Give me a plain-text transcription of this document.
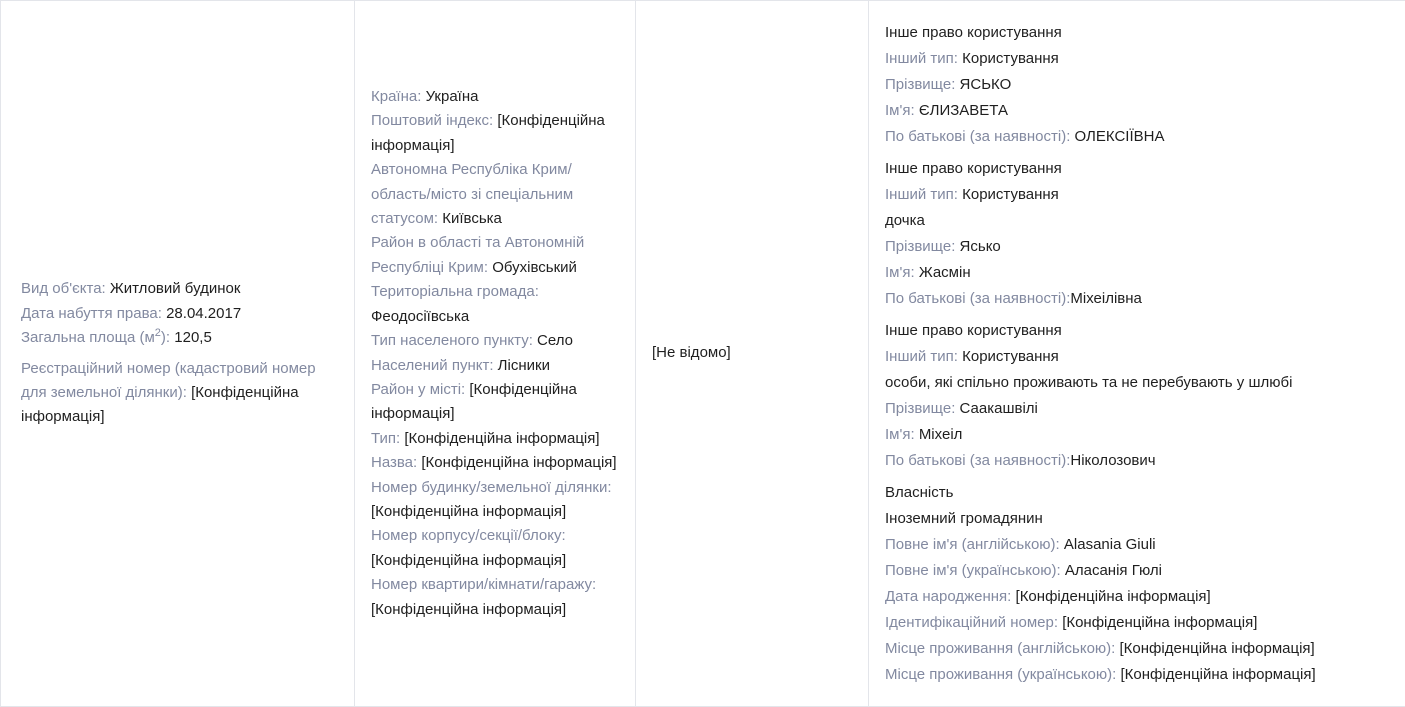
Вид об'єкта: Житловий будинок
Дата набуття права: 28.04.2017
Загальна площа $(м^2)$: 120,5
Реєстраційний номер (кадастровий номер для земельної ділянки): [Конфіденційна інформація]

Країна: Україна
Поштовий індекс: [Конфіденційна інформація]
Автономна Республіка Крим/ область/місто зі спеціальним статусом: Київська
Район в області та Автономній Республіці Крим: Обухівський
Територіальна громада: Феодосіївська
Тип населеного пункту: Село
Населений пункт: Лісники
Район у місті: [Конфіденційна інформація]
Тип: [Конфіденційна інформація]
Назва: [Конфіденційна інформація]
Номер будинку/земельної ділянки: [Конфіденційна інформація]
Номер корпусу/секції/блоку: [Конфіденційна інформація]
Номер квартири/кімнати/гаражу: [Конфіденційна інформація]

[Не відомо]

Інше право користування
Інший тип: Користування
Прізвище: ЯСЬКО
Ім'я: ЄЛИЗАВЕТА
По батькові (за наявності): ОЛЕКСІЇВНА
Інше право користування
Інший тип: Користування
дочка
Прізвище: Ясько
Ім'я: Жасмін
По батькові (за наявності):Міхеілівна
Інше право користування
Інший тип: Користування
особи, які спільно проживають та не перебувають у шлюбі
Прізвище: Саакашвілі
Ім'я: Міхеіл
По батькові (за наявності):Ніколозович
Власність
Іноземний громадянин
Повне ім'я (англійською): Alasania Giuli
Повне ім'я (українською): Аласанія Гюлі
Дата народження: [Конфіденційна інформація]
Ідентифікаційний номер: [Конфіденційна інформація]
Місце проживання (англійською): [Конфіденційна інформація]
Місце проживання (українською): [Конфіденційна інформація]
